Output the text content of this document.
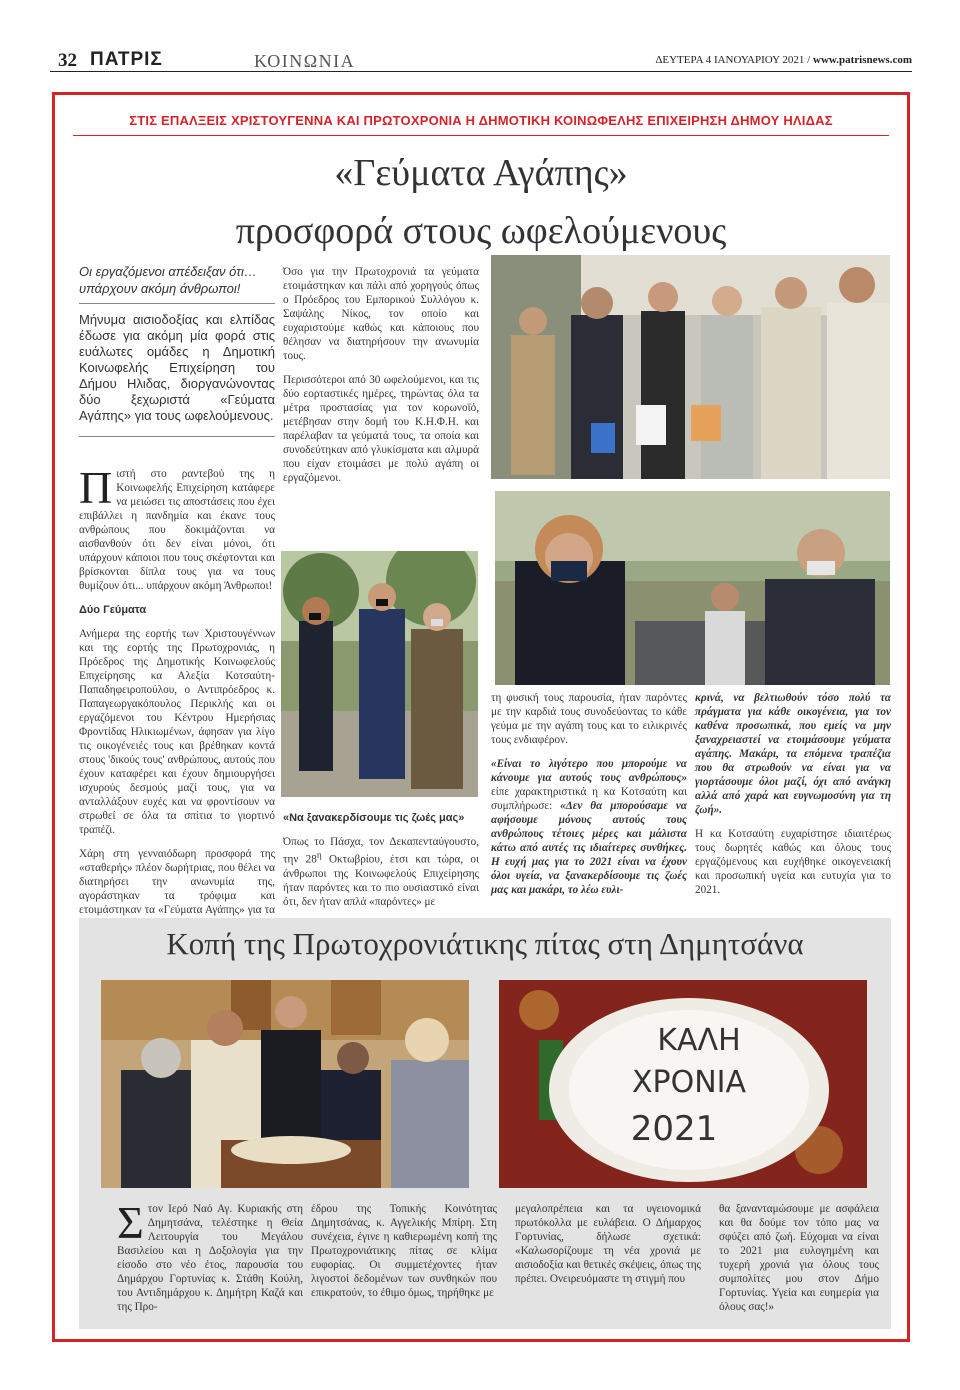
32 ΠΑΤΡΙΣ	ΚΟΙΝΩΝΙΑ	ΔΕΥΤΕΡΑ 4 ΙΑΝΟΥΑΡΙΟΥ 2021 / www.patrisnews.com
ΣΤΙΣ ΕΠΑΛΞΕΙΣ ΧΡΙΣΤΟΥΓΕΝΝΑ ΚΑΙ ΠΡΩΤΟΧΡΟΝΙΑ Η ΔΗΜΟΤΙΚΗ ΚΟΙΝΩΦΕΛΗΣ ΕΠΙΧΕΙΡΗΣΗ ΔΗΜΟΥ ΗΛΙΔΑΣ
«Γεύματα Αγάπης»
προσφορά στους ωφελούμενους
Οι εργαζόμενοι απέδειξαν ότι… υπάρχουν ακόμη άνθρωποι!
Μήνυμα αισιοδοξίας και ελπίδας έδωσε για ακόμη μία φορά στις ευάλωτες ομάδες η Δημοτική Κοινωφελής Επιχείρηση του Δήμου Ηλιδας, διοργανώνοντας δύο ξεχωριστά «Γεύματα Αγάπης» για τους ωφελούμενους.

Πιστή στο ραντεβού της η Κοινωφελής Επιχείρηση κατάφερε να μειώσει τις αποστάσεις που έχει επιβάλλει η πανδημία και έκανε τους ανθρώπους που δοκιμάζονται να αισθανθούν ότι δεν είναι μόνοι, ότι υπάρχουν κάποιοι που τους σκέφτονται και βρίσκονται δίπλα τους για να τους θυμίζουν ότι... υπάρχουν ακόμη Άνθρωποι!

Δύο Γεύματα

Ανήμερα της εορτής των Χριστουγέννων και της εορτής της Πρωτοχρονιάς, η Πρόεδρος της Δημοτικής Κοινωφελούς Επιχείρησης κα Αλεξία Κοτσαύτη-Παπαδηφειροπούλου, ο Αντιπρόεδρος κ. Παπαγεωργακόπουλος Περικλής και οι εργαζόμενοι του Κέντρου Ημερήσιας Φροντίδας Ηλικιωμένων, άφησαν για λίγο τις οικογένειές τους και βρέθηκαν κοντά στους 'δικούς τους' ανθρώπους, αυτούς που έχουν καταφέρει και έχουν δημιουργήσει ισχυρούς δεσμούς μαζί τους, για να ανταλλάξουν ευχές και να φροντίσουν να στρωθεί σε όλα τα σπίτια το γιορτινό τραπέζι.

Χάρη στη γενναιόδωρη προσφορά της «σταθερής» πλέον δωρήτριας, που θέλει να διατηρήσει την ανωνυμία της, αγοράστηκαν τα τρόφιμα και ετοιμάστηκαν τα «Γεύματα Αγάπης» για τα

Όσο για την Πρωτοχρονιά τα γεύματα ετοιμάστηκαν και πάλι από χορηγούς όπως ο Πρόεδρος του Εμπορικού Συλλόγου κ. Σαψάλης Νίκος, τον οποίο και ευχαριστούμε καθώς και κάποιους που θέλησαν να διατηρήσουν την ανωνυμία τους.

Περισσότεροι από 30 ωφελούμενοι, και τις δύο εορταστικές ημέρες, τηρώντας όλα τα μέτρα προστασίας για τον κορωνοϊό, μετέβησαν στην δομή του Κ.Η.Φ.Η. και παρέλαβαν τα γεύματά τους, τα οποία και συνοδεύτηκαν από γλυκίσματα και αλμυρά που είχαν ετοιμάσει με πολύ αγάπη οι εργαζόμενοι.

«Να ξανακερδίσουμε τις ζωές μας»

Όπως το Πάσχα, τον Δεκαπενταύγουστο, την $28^\eta$ Οκτωβρίου, έτσι και τώρα, οι άνθρωποι της Κοινωφελούς Επιχείρησης ήταν παρόντες και το πιο ουσιαστικό είναι ότι, δεν ήταν απλά «παρόντες» με

τη φυσική τους παρουσία, ήταν παρόντες με την καρδιά τους συνοδεύοντας το κάθε γεύμα με την αγάπη τους και το ειλικρινές τους ενδιαφέρον.

«Είναι το λιγότερο που μπορούμε να κάνουμε για αυτούς τους ανθρώπους» είπε χαρακτηριστικά η κα Κοτσαύτη και συμπλήρωσε: «Δεν θα μπορούσαμε να αφήσουμε μόνους αυτούς τους ανθρώπους τέτοιες μέρες και μάλιστα κάτω από αυτές τις ιδιαίτερες συνθήκες. Η ευχή μας για το 2021 είναι να έχουν όλοι υγεία, να ξανακερδίσουμε τις ζωές μας και μακάρι, το λέω ευλι-

κρινά, να βελτιωθούν τόσο πολύ τα πράγματα για κάθε οικογένεια, για τον καθένα προσωπικά, που εμείς να μην ξαναχρειαστεί να ετοιμάσουμε γεύματα αγάπης. Μακάρι, τα επόμενα τραπέζια που θα στρωθούν να είναι για να γιορτάσουμε όλοι μαζί, όχι από ανάγκη αλλά από χαρά και ευγνωμοσύνη για τη ζωή».

Η κα Κοτσαύτη ευχαρίστησε ιδιαιτέρως τους δωρητές καθώς και όλους τους εργαζόμενους και ευχήθηκε οικογενειακή και προσωπική υγεία και ευτυχία για το 2021.

Κοπή της Πρωτοχρονιάτικης πίτας στη Δημητσάνα
ΚΑΛΗ
ΧΡΟΝΙΑ
2021

Στον Ιερό Ναό Αγ. Κυριακής στη Δημητσάνα, τελέστηκε η Θεία Λειτουργία του Μεγάλου Βασιλείου και η Δοξολογία για την είσοδο στο νέο έτος, παρουσία του Δημάρχου Γορτυνίας κ. Στάθη Κούλη, του Αντιδημάρχου κ. Δημήτρη Καζά και της Προ-

έδρου της Τοπικής Κοινότητας Δημητσάνας, κ. Αγγελικής Μπίρη. Στη συνέχεια, έγινε η καθιερωμένη κοπή της Πρωτοχρονιάτικης πίτας σε κλίμα ευφορίας. Οι συμμετέχοντες ήταν λιγοστοί δεδομένων των συνθηκών που επικρατούν, το έθιμο όμως, τηρήθηκε με

μεγαλοπρέπεια και τα υγειονομικά πρωτόκολλα με ευλάβεια. Ο Δήμαρχος Γορτυνίας, δήλωσε σχετικά: «Καλωσορίζουμε τη νέα χρονιά με αισιοδοξία και θετικές σκέψεις, όπως της πρέπει. Ονειρευόμαστε τη στιγμή που

θα ξανανταμώσουμε με ασφάλεια και θα δούμε τον τόπο μας να σφύζει από ζωή. Εύχομαι να είναι το 2021 μια ευλογημένη και τυχερή χρονιά για όλους τους συμπολίτες μου στον Δήμο Γορτυνίας. Υγεία και ευημερία για όλους σας!»
